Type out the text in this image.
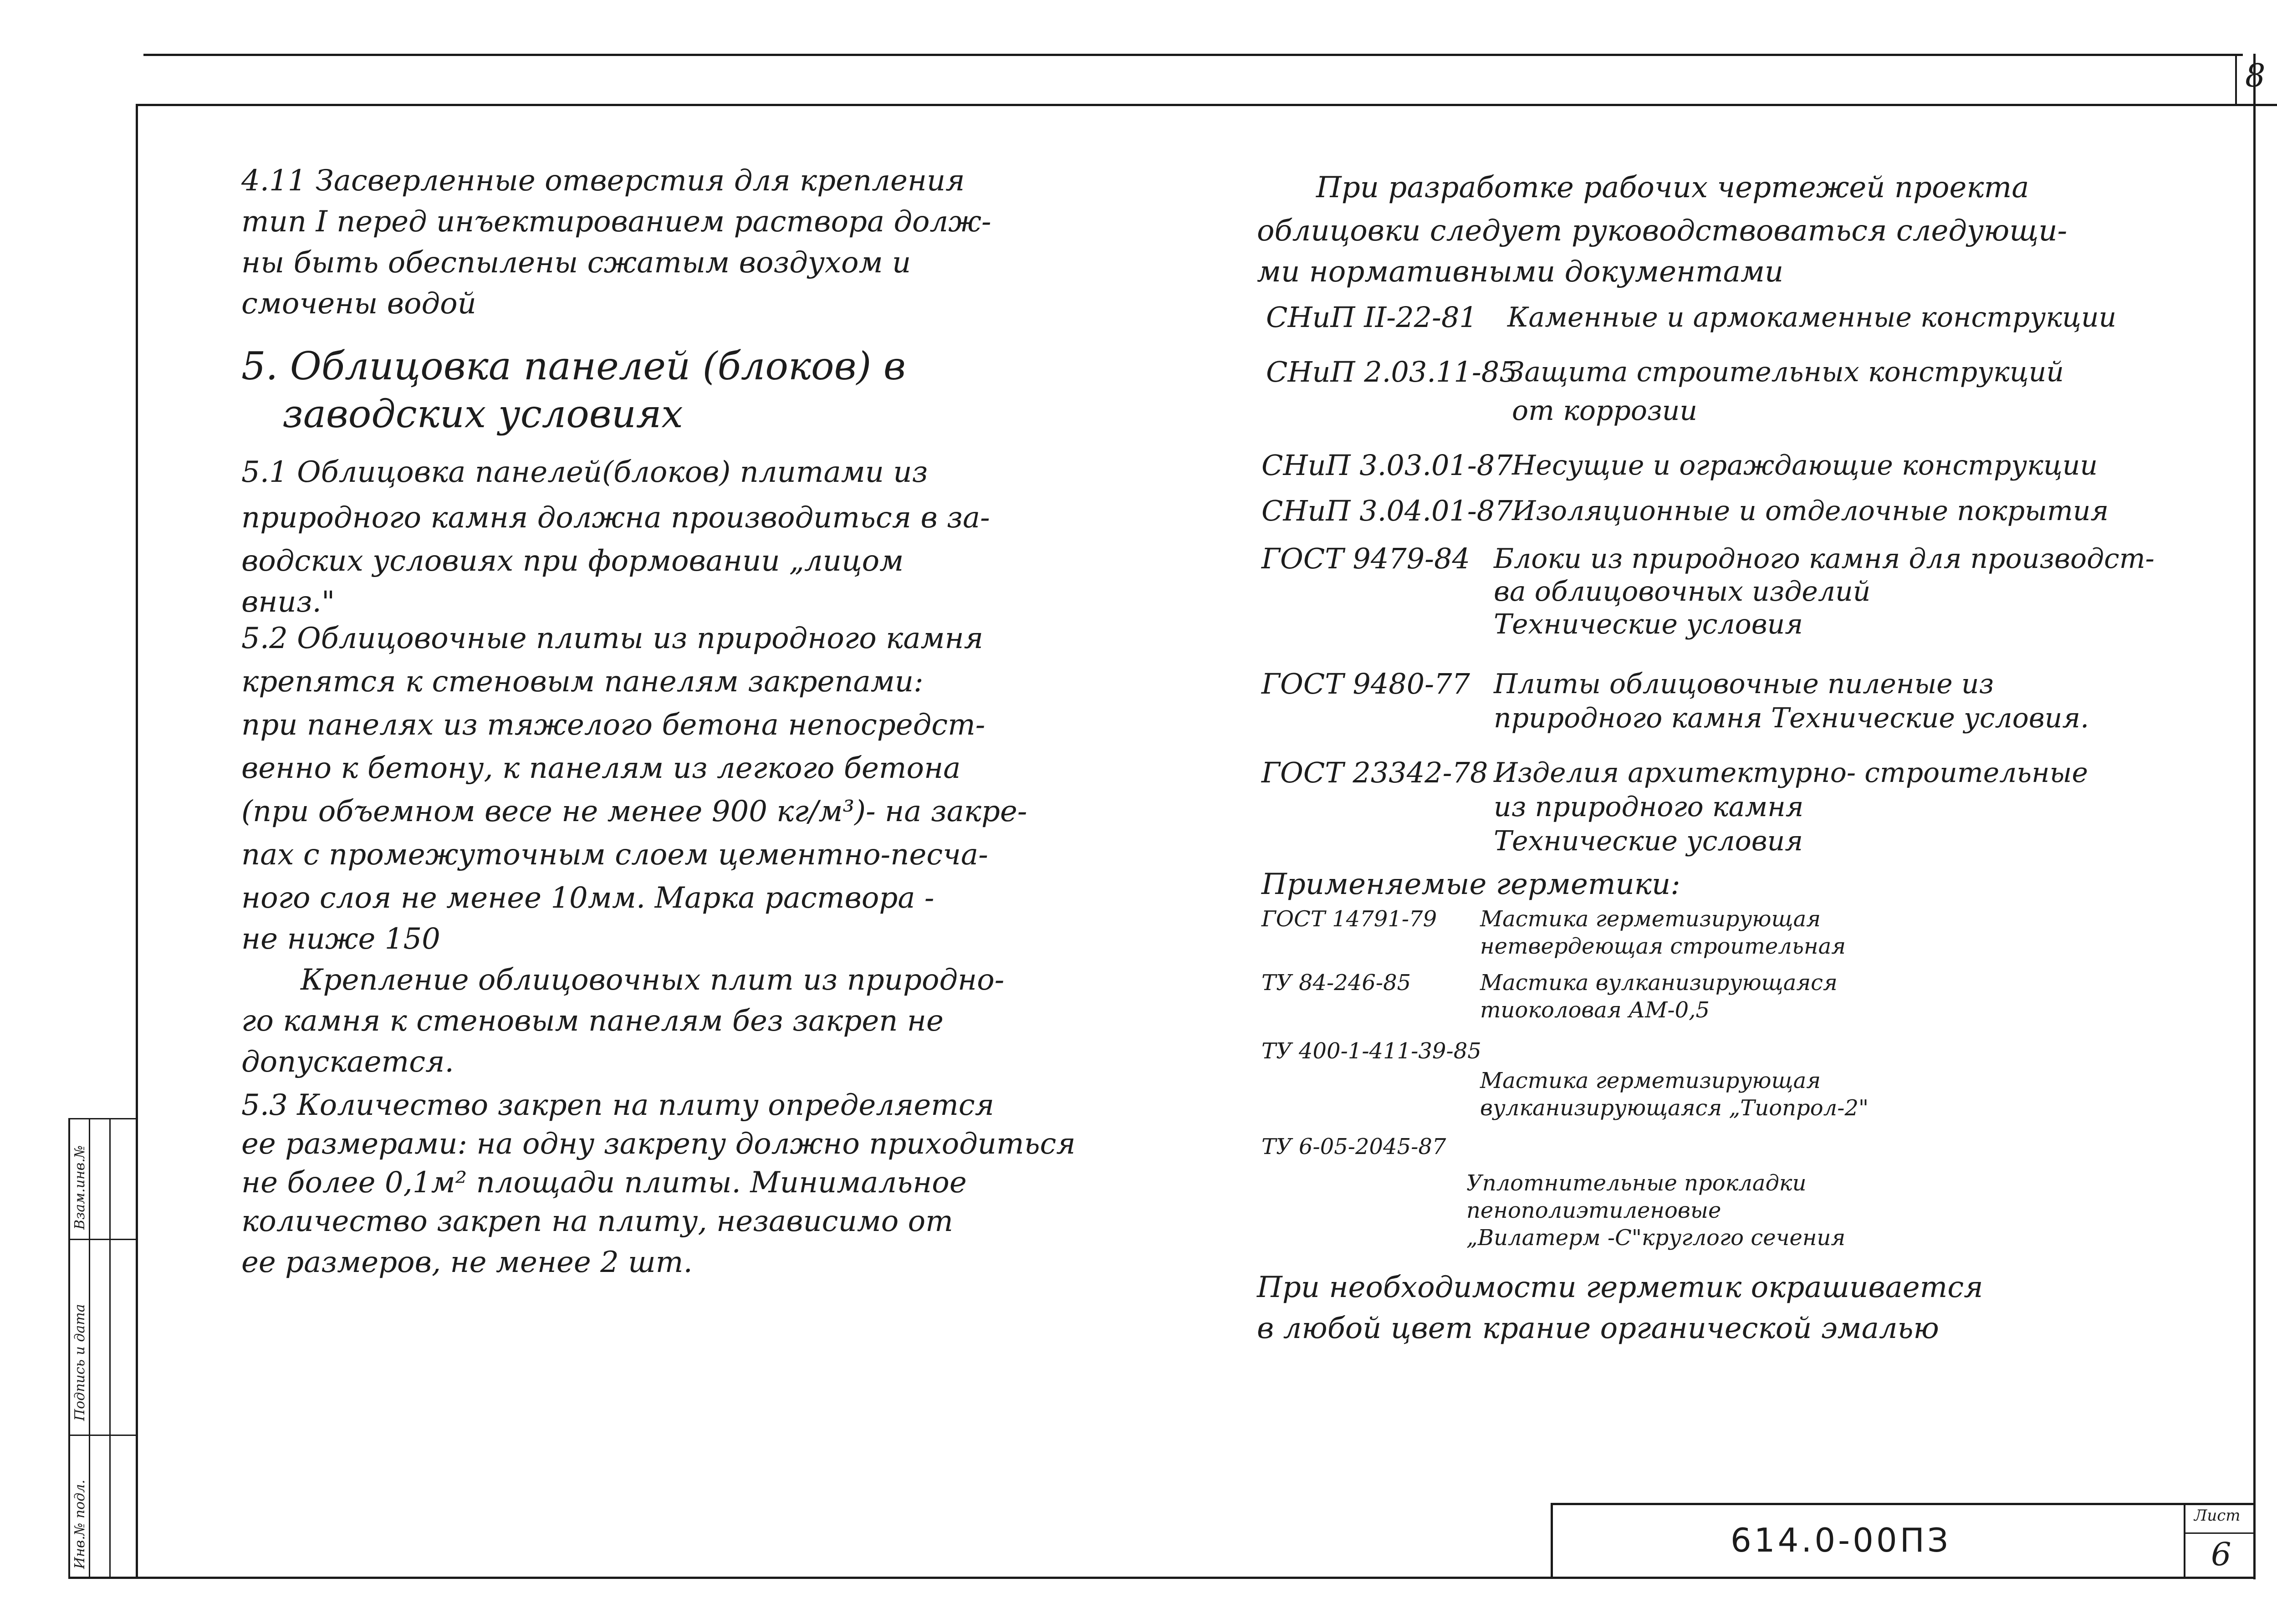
8
Инв.№ подл.
Подпись и дата
Взам.инв.№
614.0-00ПЗ
Лист
6
4.11 Засверленные отверстия для крепления
тип I перед инъектированием раствора долж-
ны быть обеспылены сжатым воздухом и
смочены водой
5. Облицовка панелей (блоков) в
заводских условиях
5.1 Облицовка панелей(блоков) плитами из
природного камня должна производиться в за-
водских условиях при формовании „лицом
вниз."
5.2 Облицовочные плиты из природного камня
крепятся к стеновым панелям закрепами:
при панелях из тяжелого бетона непосредст-
венно к бетону, к панелям из легкого бетона
(при объемном весе не менее 900 кг/м³)- на закре-
пах с промежуточным слоем цементно-песча-
ного слоя не менее 10мм. Марка раствора -
не ниже 150
Крепление облицовочных плит из природно-
го камня к стеновым панелям без закреп не
допускается.
5.3 Количество закреп на плиту определяется
ее размерами: на одну закрепу должно приходиться
не более 0,1м² площади плиты. Минимальное
количество закреп на плиту, независимо от
ее размеров, не менее 2 шт.
При разработке рабочих чертежей проекта
облицовки следует руководствоваться следующи-
ми нормативными документами
СНиП II-22-81 Каменные и армокаменные конструкции
СНиП 2.03.11-85
Защита строительных конструкций
от коррозии
СНиП 3.03.01-87
Несущие и ограждающие конструкции
СНиП 3.04.01-87
Изоляционные и отделочные покрытия
ГОСТ 9479-84 Блоки из природного камня для производст-
ва облицовочных изделий
Технические условия
ГОСТ 9480-77 Плиты облицовочные пиленые из
природного камня Технические условия.
ГОСТ 23342-78 Изделия архитектурно- строительные
из природного камня
Технические условия
Применяемые герметики:
ГОСТ 14791-79 Мастика герметизирующая
нетвердеющая строительная
ТУ 84-246-85	Мастика вулканизирующаяся
тиоколовая АМ-0,5
ТУ 400-1-411-39-85
Мастика герметизирующая
вулканизирующаяся „Тиопрол-2"
ТУ 6-05-2045-87
Уплотнительные прокладки
пенополиэтиленовые
„Вилатерм -С"круглого сечения
При необходимости герметик окрашивается
в любой цвет крание органической эмалью
